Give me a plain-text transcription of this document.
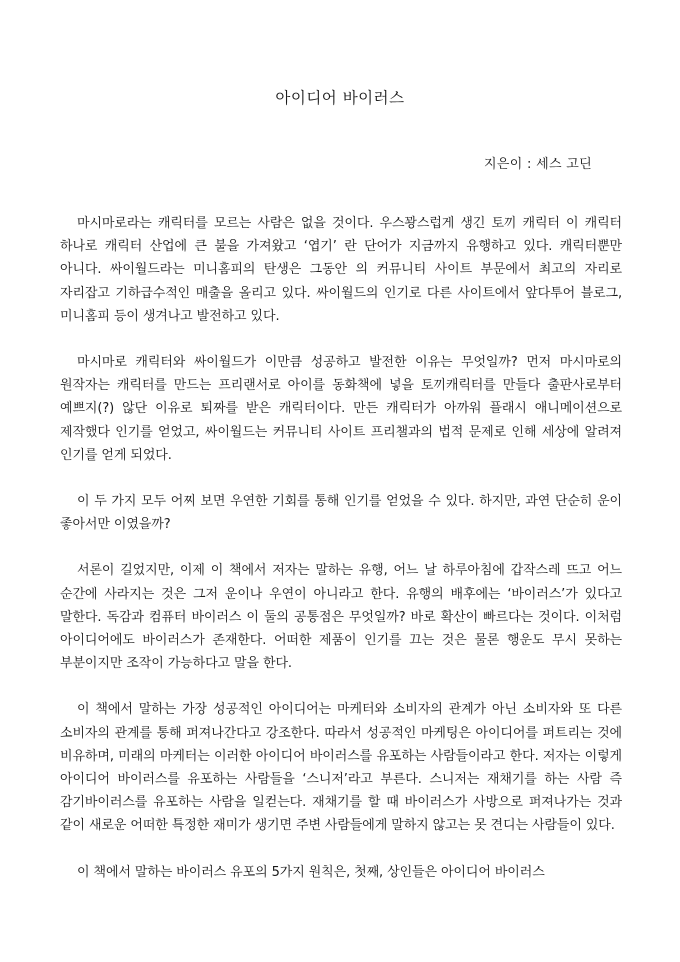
아이디어 바이러스
지은이 : 세스 고딘

마시마로라는 캐릭터를 모르는 사람은 없을 것이다. 우스꽝스럽게 생긴 토끼 캐릭터 이 캐릭터 하나로 캐릭터 산업에 큰 불을 가져왔고 ‘엽기’ 란 단어가 지금까지 유행하고 있다. 캐릭터뿐만 아니다. 싸이월드라는 미니홈피의 탄생은 그동안 의 커뮤니티 사이트 부문에서 최고의 자리로 자리잡고 기하급수적인 매출을 올리고 있다. 싸이월드의 인기로 다른 사이트에서 앞다투어 블로그, 미니홈피 등이 생겨나고 발전하고 있다.

마시마로 캐릭터와 싸이월드가 이만큼 성공하고 발전한 이유는 무엇일까? 먼저 마시마로의 원작자는 캐릭터를 만드는 프리랜서로 아이를 동화책에 넣을 토끼캐릭터를 만들다 출판사로부터 예쁘지(?) 않단 이유로 퇴짜를 받은 캐릭터이다. 만든 캐릭터가 아까워 플래시 애니메이션으로 제작했다 인기를 얻었고, 싸이월드는 커뮤니티 사이트 프리챌과의 법적 문제로 인해 세상에 알려져 인기를 얻게 되었다.

이 두 가지 모두 어찌 보면 우연한 기회를 통해 인기를 얻었을 수 있다. 하지만, 과연 단순히 운이 좋아서만 이였을까?

서론이 길었지만, 이제 이 책에서 저자는 말하는 유행, 어느 날 하루아침에 갑작스레 뜨고 어느 순간에 사라지는 것은 그저 운이나 우연이 아니라고 한다. 유행의 배후에는 ‘바이러스’가 있다고 말한다. 독감과 컴퓨터 바이러스 이 둘의 공통점은 무엇일까? 바로 확산이 빠르다는 것이다. 이처럼 아이디어에도 바이러스가 존재한다. 어떠한 제품이 인기를 끄는 것은 물론 행운도 무시 못하는 부분이지만 조작이 가능하다고 말을 한다.

이 책에서 말하는 가장 성공적인 아이디어는 마케터와 소비자의 관계가 아닌 소비자와 또 다른 소비자의 관계를 통해 퍼져나간다고 강조한다. 따라서 성공적인 마케팅은 아이디어를 퍼트리는 것에 비유하며, 미래의 마케터는 이러한 아이디어 바이러스를 유포하는 사람들이라고 한다. 저자는 이렇게 아이디어 바이러스를 유포하는 사람들을 ‘스니저’라고 부른다. 스니저는 재채기를 하는 사람 즉 감기바이러스를 유포하는 사람을 일컫는다. 재채기를 할 때 바이러스가 사방으로 퍼져나가는 것과 같이 새로운 어떠한 특정한 재미가 생기면 주변 사람들에게 말하지 않고는 못 견디는 사람들이 있다.

이 책에서 말하는 바이러스 유포의 5가지 원칙은, 첫째, 상인들은 아이디어 바이러스
